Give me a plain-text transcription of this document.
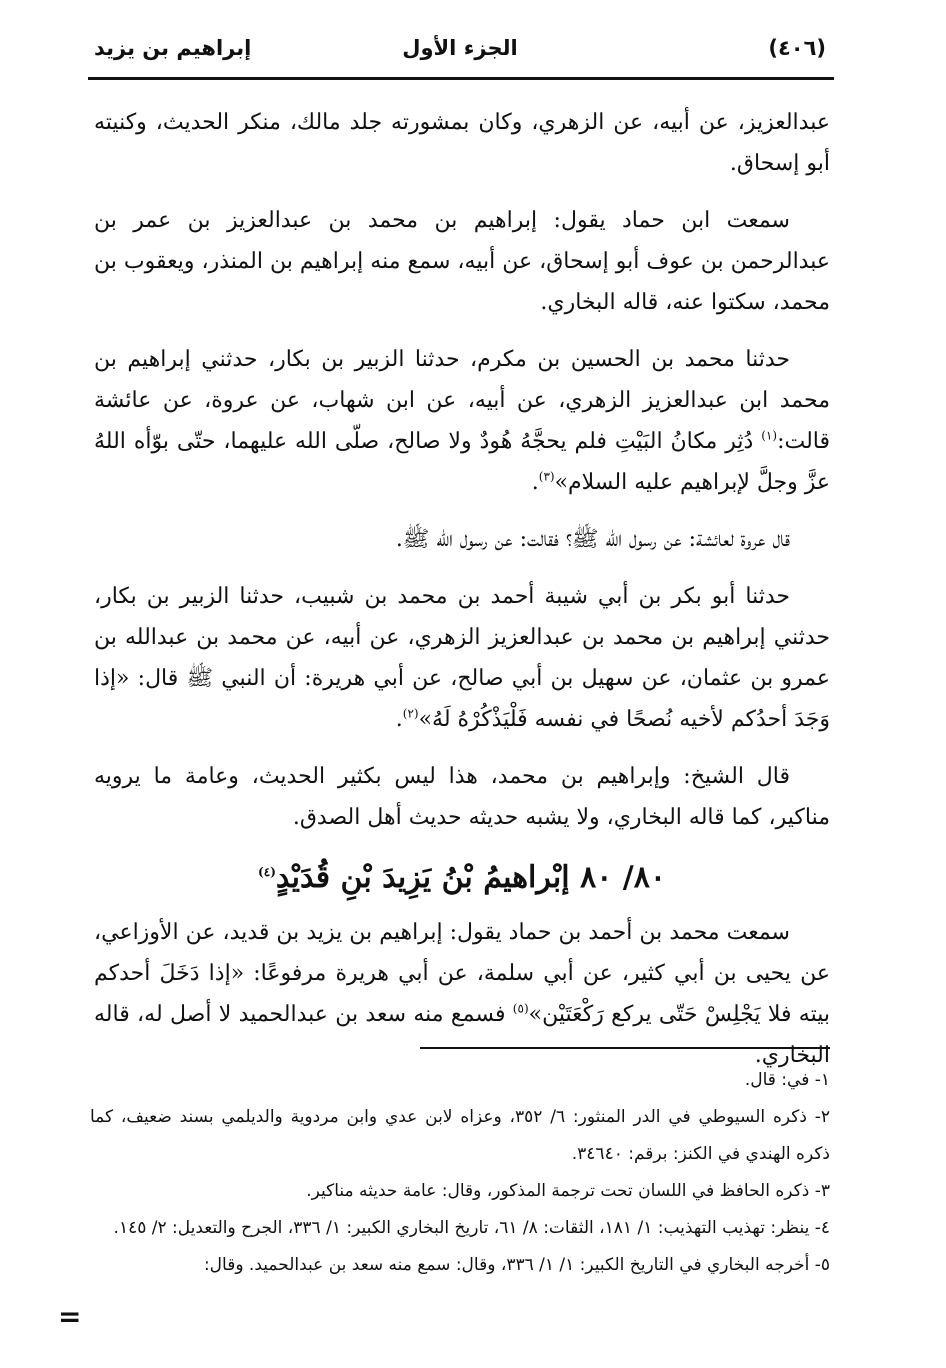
(٤٠٦)
الجزء الأول
إبراهيم بن يزيد

عبدالعزيز، عن أبيه، عن الزهري، وكان بمشورته جلد مالك، منكر الحديث، وكنيته أبو إسحاق.

سمعت ابن حماد يقول: إبراهيم بن محمد بن عبدالعزيز بن عمر بن عبدالرحمن بن عوف أبو إسحاق، عن أبيه، سمع منه إبراهيم بن المنذر، ويعقوب بن محمد، سكتوا عنه، قاله البخاري.

حدثنا محمد بن الحسين بن مكرم، حدثنا الزبير بن بكار، حدثني إبراهيم بن محمد ابن عبدالعزيز الزهري، عن أبيه، عن ابن شهاب، عن عروة، عن عائشة قالت:$^{(١)}$ دُثِر مكانُ البَيْتِ فلم يحجَّهُ هُودٌ ولا صالح، صلّى الله عليهما، حتّى بوّأه اللهُ عزَّ وجلَّ لإبراهيم عليه السلام»$^{(٣)}$.

قال عروة لعائشة: عن رسول الله ﷺ؟ فقالت: عن رسول الله ﷺ.

حدثنا أبو بكر بن أبي شيبة أحمد بن محمد بن شبيب، حدثنا الزبير بن بكار، حدثني إبراهيم بن محمد بن عبدالعزيز الزهري، عن أبيه، عن محمد بن عبدالله بن عمرو بن عثمان، عن سهيل بن أبي صالح، عن أبي هريرة: أن النبي ﷺ قال: «إذا وَجَدَ أحدُكم لأخيه نُصحًا في نفسه فَلْيَذْكُرْهُ لَهُ»$^{(٢)}$.

قال الشيخ: وإبراهيم بن محمد، هذا ليس بكثير الحديث، وعامة ما يرويه مناكير، كما قاله البخاري، ولا يشبه حديثه حديث أهل الصدق.

٨٠/ ٨٠ إبْراهيمُ بْنُ يَزِيدَ بْنِ قُدَيْدٍ$^{(٤)}$

سمعت محمد بن أحمد بن حماد يقول: إبراهيم بن يزيد بن قديد، عن الأوزاعي، عن يحيى بن أبي كثير، عن أبي سلمة، عن أبي هريرة مرفوعًا: «إذا دَخَلَ أحدكم بيته فلا يَجْلِسْ حَتّى يركع رَكْعَتَيْن»$^{(٥)}$ فسمع منه سعد بن عبدالحميد لا أصل له، قاله البخاري.

١- في: قال.

٢- ذكره السيوطي في الدر المنثور: ٦/ ٣٥٢، وعزاه لابن عدي وابن مردوية والديلمي بسند ضعيف، كما ذكره الهندي في الكنز: برقم: ٣٤٦٤٠.

٣- ذكره الحافظ في اللسان تحت ترجمة المذكور، وقال: عامة حديثه مناكير.

٤- ينظر: تهذيب التهذيب: ١/ ١٨١، الثقات: ٨/ ٦١، تاريخ البخاري الكبير: ١/ ٣٣٦، الجرح والتعديل: ٢/ ١٤٥.

٥- أخرجه البخاري في التاريخ الكبير: ١/ ١/ ٣٣٦، وقال: سمع منه سعد بن عبدالحميد. وقال:

=
